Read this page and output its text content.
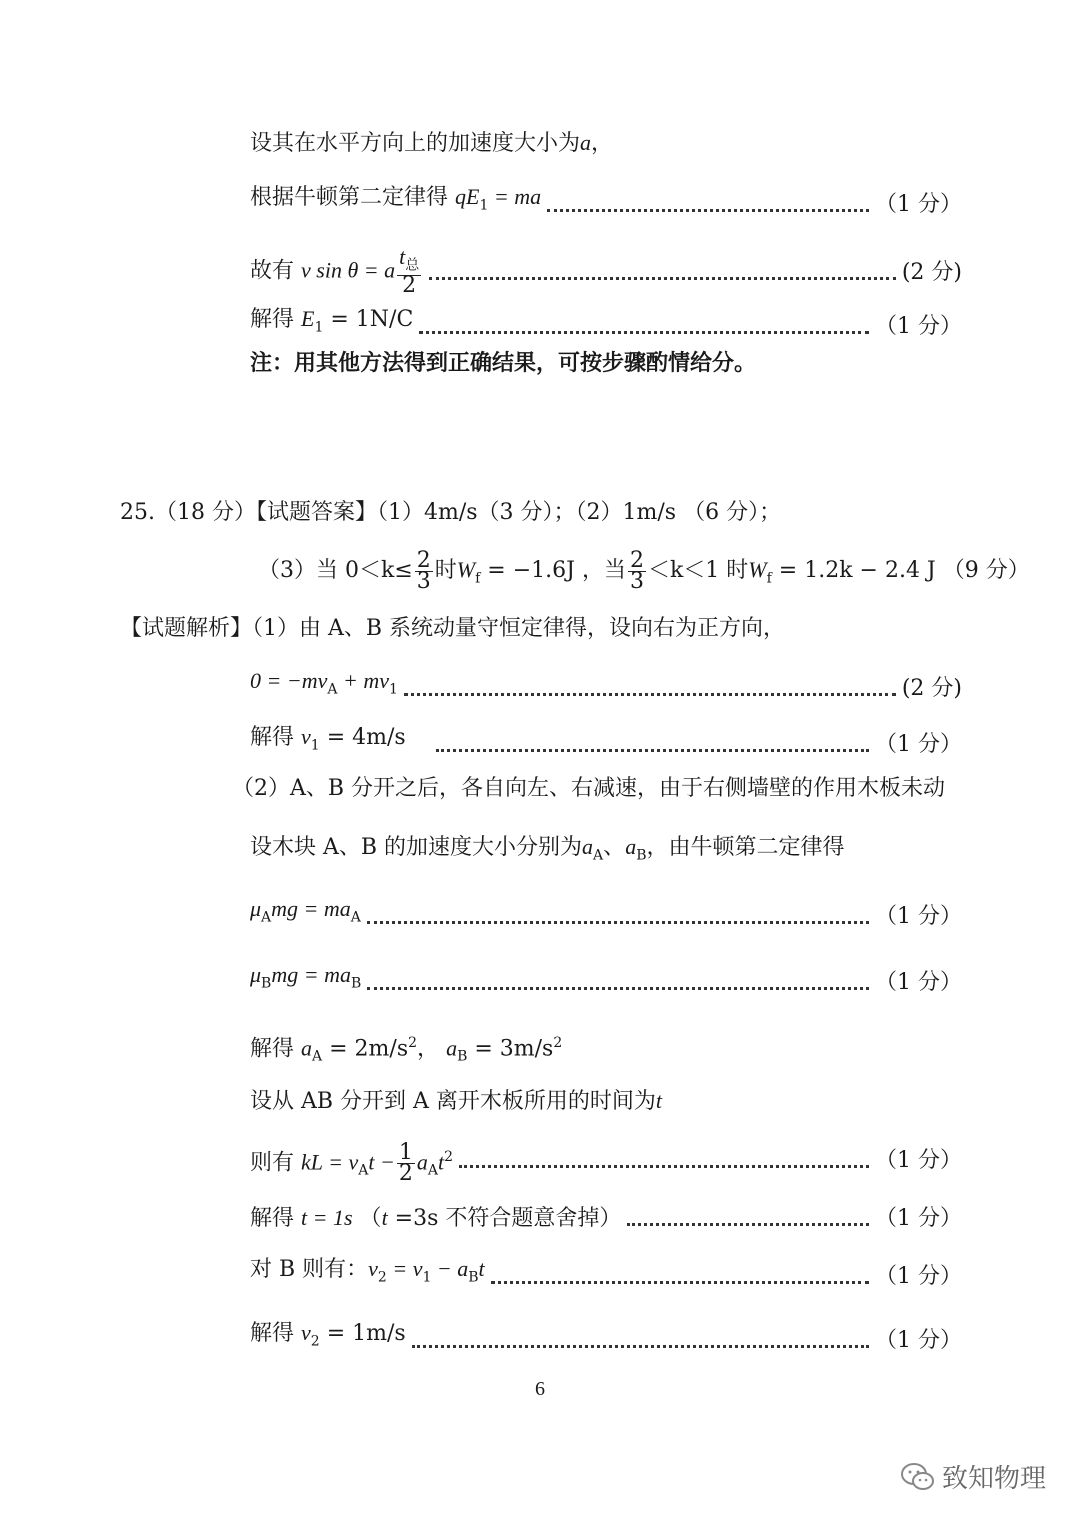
设其在水平方向上的加速度大小为a，
根据牛顿第二定律得 $qE_1$ = ma	（1 分）
故有 v sin θ = a $\frac{t_总}{2}$	(2 分)
解得 $E_1 = 1N/C$	（1 分）
注：用其他方法得到正确结果，可按步骤酌情给分。
25.（18 分）【试题答案】（1）4m/s（3 分）；（2）1m/s （6 分）；
（3）当 $0<k\le \frac{2}{3}$ 时$W_f = -1.6J$ ，当 $\frac{2}{3} <k<1$ 时$W_f = 1.2k - 2.4$ J （9 分）
【试题解析】（1）由 A、B 系统动量守恒定律得，设向右为正方向，
$0 = -mv_A + mv_1$	(2 分)
解得 $v_1 = 4m/s$	（1 分）
（2）A、B 分开之后，各自向左、右减速，由于右侧墙壁的作用木板未动
设木块 A、B 的加速度大小分别为$a_A$、$a_B$，由牛顿第二定律得
$\mu_Amg = ma_A$	（1 分）
$\mu_Bmg = ma_B$	（1 分）
解得 $a_A = 2m/s^2$， $a_B = 3m/s^2$
设从 AB 分开到 A 离开木板所用的时间为t
则有 kL = $v_At - \frac{1}{2} a_At^2$	（1 分）
解得 t = 1s （t =3s 不符合题意舍掉）	（1 分）
对 B 则有：$v_2 = v_1 - a_Bt$	（1 分）
解得 $v_2 = 1m/s$	（1 分）
6
致知物理
